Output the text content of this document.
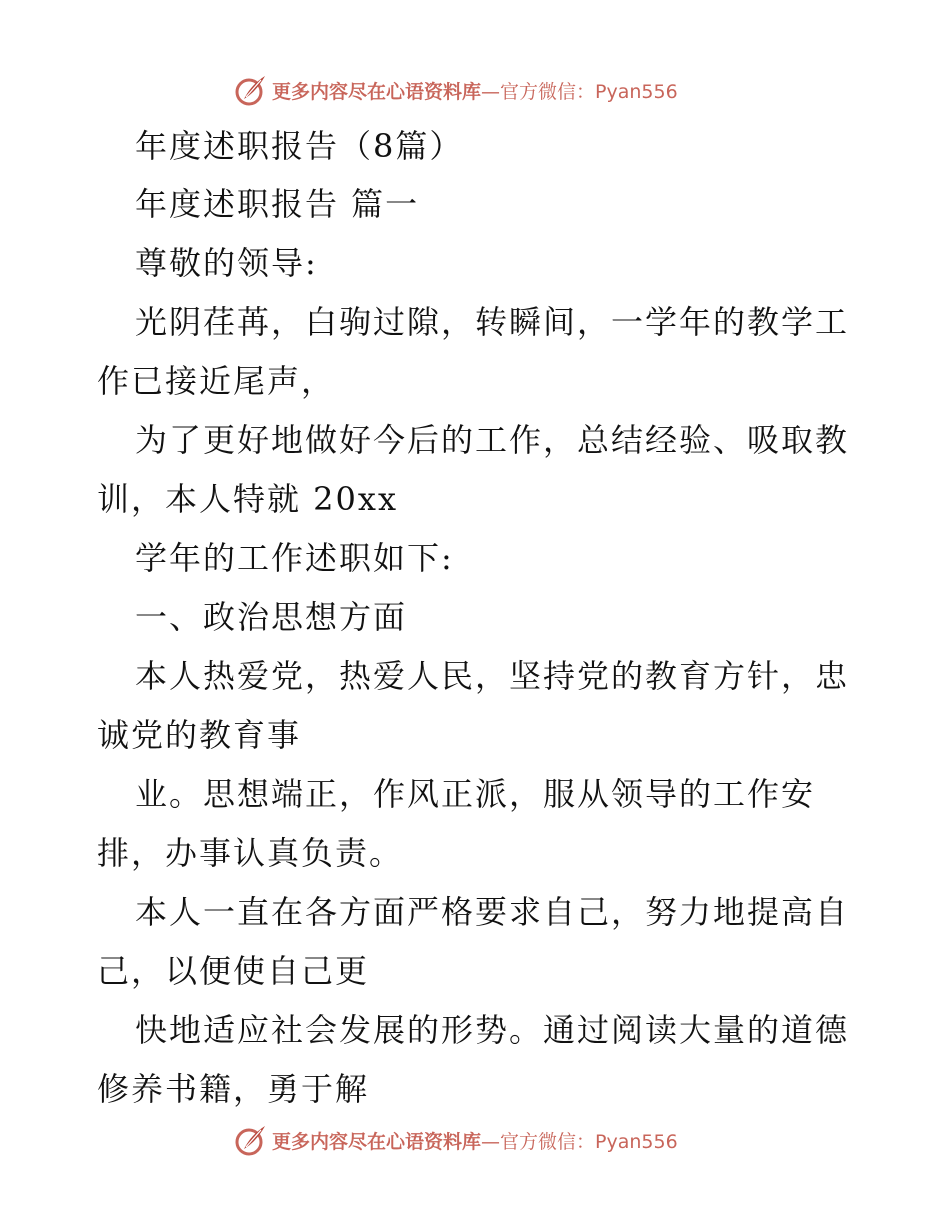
更多内容尽在心语资料库—官方微信：Pyan556
年度述职报告（8篇）
年度述职报告 篇一
尊敬的领导:
光阴荏苒，白驹过隙，转瞬间，一学年的教学工
作已接近尾声，
为了更好地做好今后的工作，总结经验、吸取教
训，本人特就 20xx
学年的工作述职如下:
一、政治思想方面
本人热爱党，热爱人民，坚持党的教育方针，忠
诚党的教育事
业。思想端正，作风正派，服从领导的工作安
排，办事认真负责。
本人一直在各方面严格要求自己，努力地提高自
己，以便使自己更
快地适应社会发展的形势。通过阅读大量的道德
修养书籍，勇于解
更多内容尽在心语资料库—官方微信：Pyan556
